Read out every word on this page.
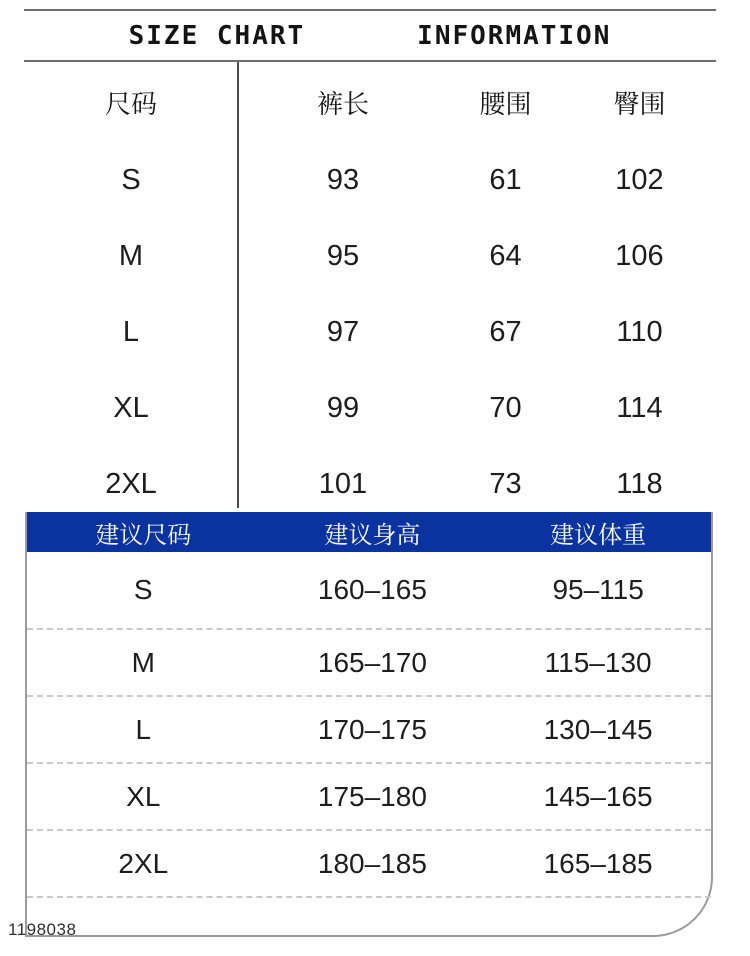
SIZE CHART	INFORMATION
尺码	裤长	腰围	臀围
S	93	61	102
M	95	64	106
L	97	67	110
XL	99	70	114
2XL	101	73	118
建议尺码	建议身高	建议体重
S	160–165	95–115
M	165–170	115–130
L	170–175	130–145
XL	175–180	145–165
2XL	180–185	165–185
1198038
